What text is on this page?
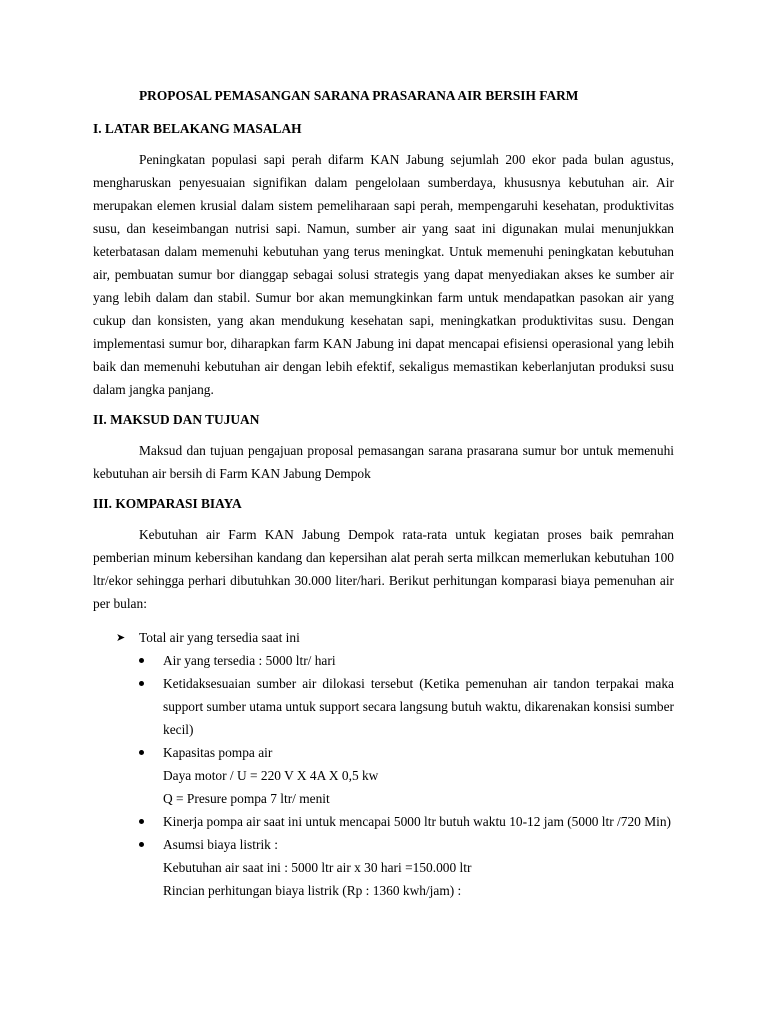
PROPOSAL PEMASANGAN SARANA PRASARANA AIR BERSIH FARM
I. LATAR BELAKANG MASALAH

Peningkatan populasi sapi perah difarm KAN Jabung sejumlah 200 ekor pada bulan agustus, mengharuskan penyesuaian signifikan dalam pengelolaan sumberdaya, khususnya kebutuhan air. Air merupakan elemen krusial dalam sistem pemeliharaan sapi perah, mempengaruhi kesehatan, produktivitas susu, dan keseimbangan nutrisi sapi. Namun, sumber air yang saat ini digunakan mulai menunjukkan keterbatasan dalam memenuhi kebutuhan yang terus meningkat. Untuk memenuhi peningkatan kebutuhan air, pembuatan sumur bor dianggap sebagai solusi strategis yang dapat menyediakan akses ke sumber air yang lebih dalam dan stabil. Sumur bor akan memungkinkan farm untuk mendapatkan pasokan air yang cukup dan konsisten, yang akan mendukung kesehatan sapi, meningkatkan produktivitas susu. Dengan implementasi sumur bor, diharapkan farm KAN Jabung ini dapat mencapai efisiensi operasional yang lebih baik dan memenuhi kebutuhan air dengan lebih efektif, sekaligus memastikan keberlanjutan produksi susu dalam jangka panjang.

II. MAKSUD DAN TUJUAN

Maksud dan tujuan pengajuan proposal pemasangan sarana prasarana sumur bor untuk memenuhi kebutuhan air bersih di Farm KAN Jabung Dempok

III. KOMPARASI BIAYA

Kebutuhan air Farm KAN Jabung Dempok rata-rata untuk kegiatan proses baik pemrahan pemberian minum kebersihan kandang dan kepersihan alat perah serta milkcan memerlukan kebutuhan 100 ltr/ekor sehingga perhari dibutuhkan 30.000 liter/hari. Berikut perhitungan komparasi biaya pemenuhan air per bulan:

➤ Total air yang tersedia saat ini
Air yang tersedia : 5000 ltr/ hari
Ketidaksesuaian sumber air dilokasi tersebut (Ketika pemenuhan air tandon terpakai maka support sumber utama untuk support secara langsung butuh waktu, dikarenakan konsisi sumber kecil)
Kapasitas pompa air
Daya motor / U = 220 V X 4A X 0,5 kw
Q = Presure pompa 7 ltr/ menit
Kinerja pompa air saat ini untuk mencapai 5000 ltr butuh waktu 10-12 jam (5000 ltr /720 Min)
Asumsi biaya listrik :
Kebutuhan air saat ini : 5000 ltr air x 30 hari =150.000 ltr
Rincian perhitungan biaya listrik (Rp : 1360 kwh/jam) :
